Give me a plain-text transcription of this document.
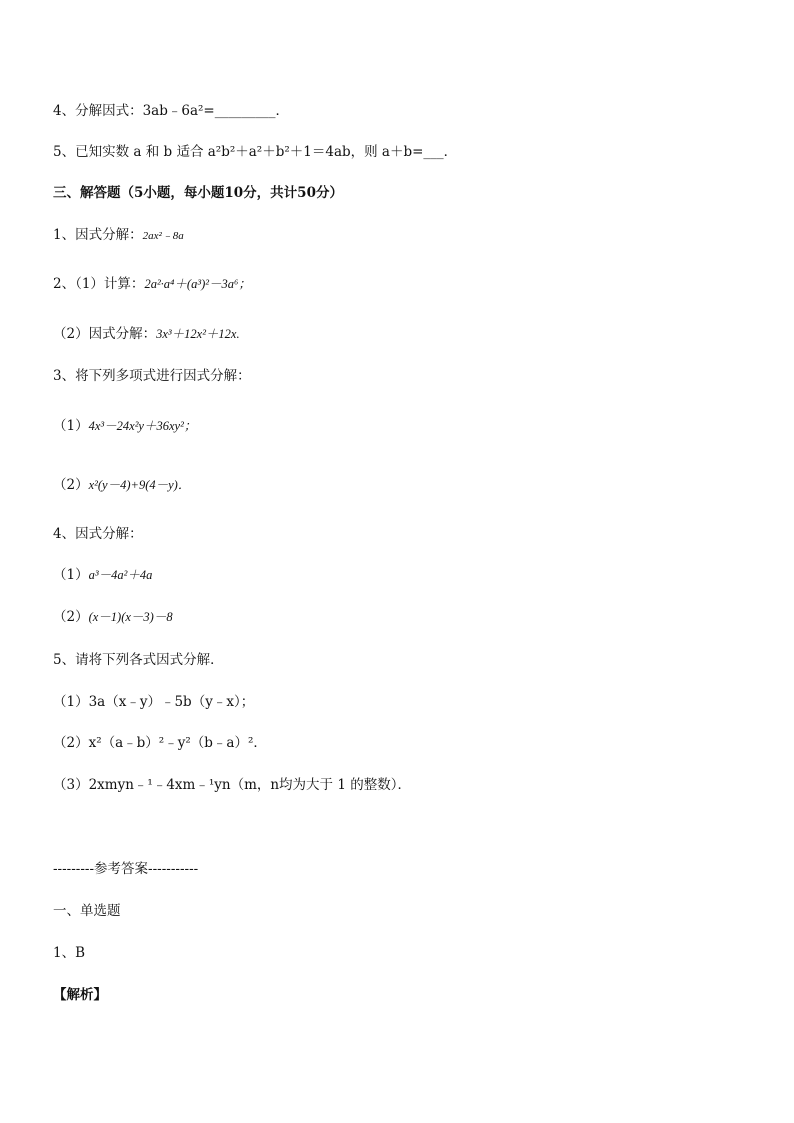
4、分解因式：3ab﹣6a²=_________．
5、已知实数 a 和 b 适合 a²b²＋a²＋b²＋1＝4ab，则 a＋b=___．
三、解答题（5小题，每小题10分，共计50分）
1、因式分解：2ax²﹣8a
2、（1）计算：2a²·a⁴＋(a³)²－3a⁶；
（2）因式分解：3x³＋12x²＋12x.
3、将下列多项式进行因式分解：
（1）4x³－24x²y＋36xy²；
（2）x²(y－4)+9(4－y)．
4、因式分解：
（1）a³－4a²＋4a
（2）(x－1)(x－3)－8
5、请将下列各式因式分解．
（1）3a（x﹣y）﹣5b（y﹣x）；
（2）x²（a﹣b）²﹣y²（b﹣a）²．
（3）2xmyn﹣¹﹣4xm﹣¹yn（m，n均为大于 1 的整数）．
---------参考答案-----------
一、单选题
1、B
【解析】
